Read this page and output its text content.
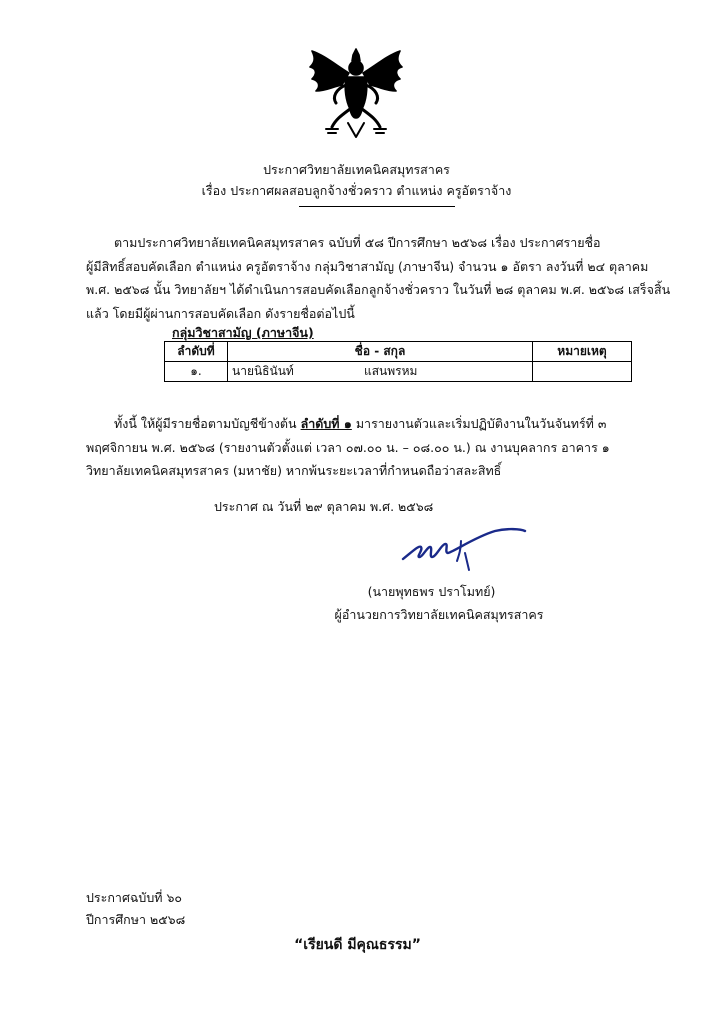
ประกาศวิทยาลัยเทคนิคสมุทรสาคร
เรื่อง ประกาศผลสอบลูกจ้างชั่วคราว ตำแหน่ง ครูอัตราจ้าง
ตามประกาศวิทยาลัยเทคนิคสมุทรสาคร ฉบับที่ ๕๘ ปีการศึกษา ๒๕๖๘ เรื่อง ประกาศรายชื่อ
ผู้มีสิทธิ์สอบคัดเลือก ตำแหน่ง ครูอัตราจ้าง กลุ่มวิชาสามัญ (ภาษาจีน) จำนวน ๑ อัตรา ลงวันที่ ๒๔ ตุลาคม
พ.ศ. ๒๕๖๘ นั้น วิทยาลัยฯ ได้ดำเนินการสอบคัดเลือกลูกจ้างชั่วคราว ในวันที่ ๒๘ ตุลาคม พ.ศ. ๒๕๖๘ เสร็จสิ้น
แล้ว โดยมีผู้ผ่านการสอบคัดเลือก ดังรายชื่อต่อไปนี้
กลุ่มวิชาสามัญ (ภาษาจีน)
ลำดับที่	ชื่อ - สกุล	หมายเหตุ
๑.	นายนิธินันท์ แสนพรหม	
ทั้งนี้ ให้ผู้มีรายชื่อตามบัญชีข้างต้น ลำดับที่ ๑ มารายงานตัวและเริ่มปฏิบัติงานในวันจันทร์ที่ ๓
พฤศจิกายน พ.ศ. ๒๕๖๘ (รายงานตัวตั้งแต่ เวลา ๐๗.๐๐ น. – ๐๘.๐๐ น.) ณ งานบุคลากร อาคาร ๑
วิทยาลัยเทคนิคสมุทรสาคร (มหาชัย) หากพ้นระยะเวลาที่กำหนดถือว่าสละสิทธิ์
ประกาศ ณ วันที่ ๒๙ ตุลาคม พ.ศ. ๒๕๖๘
(นายพุทธพร ปราโมทย์)
ผู้อำนวยการวิทยาลัยเทคนิคสมุทรสาคร
ประกาศฉบับที่ ๖๐
ปีการศึกษา ๒๕๖๘
“เรียนดี มีคุณธรรม”
